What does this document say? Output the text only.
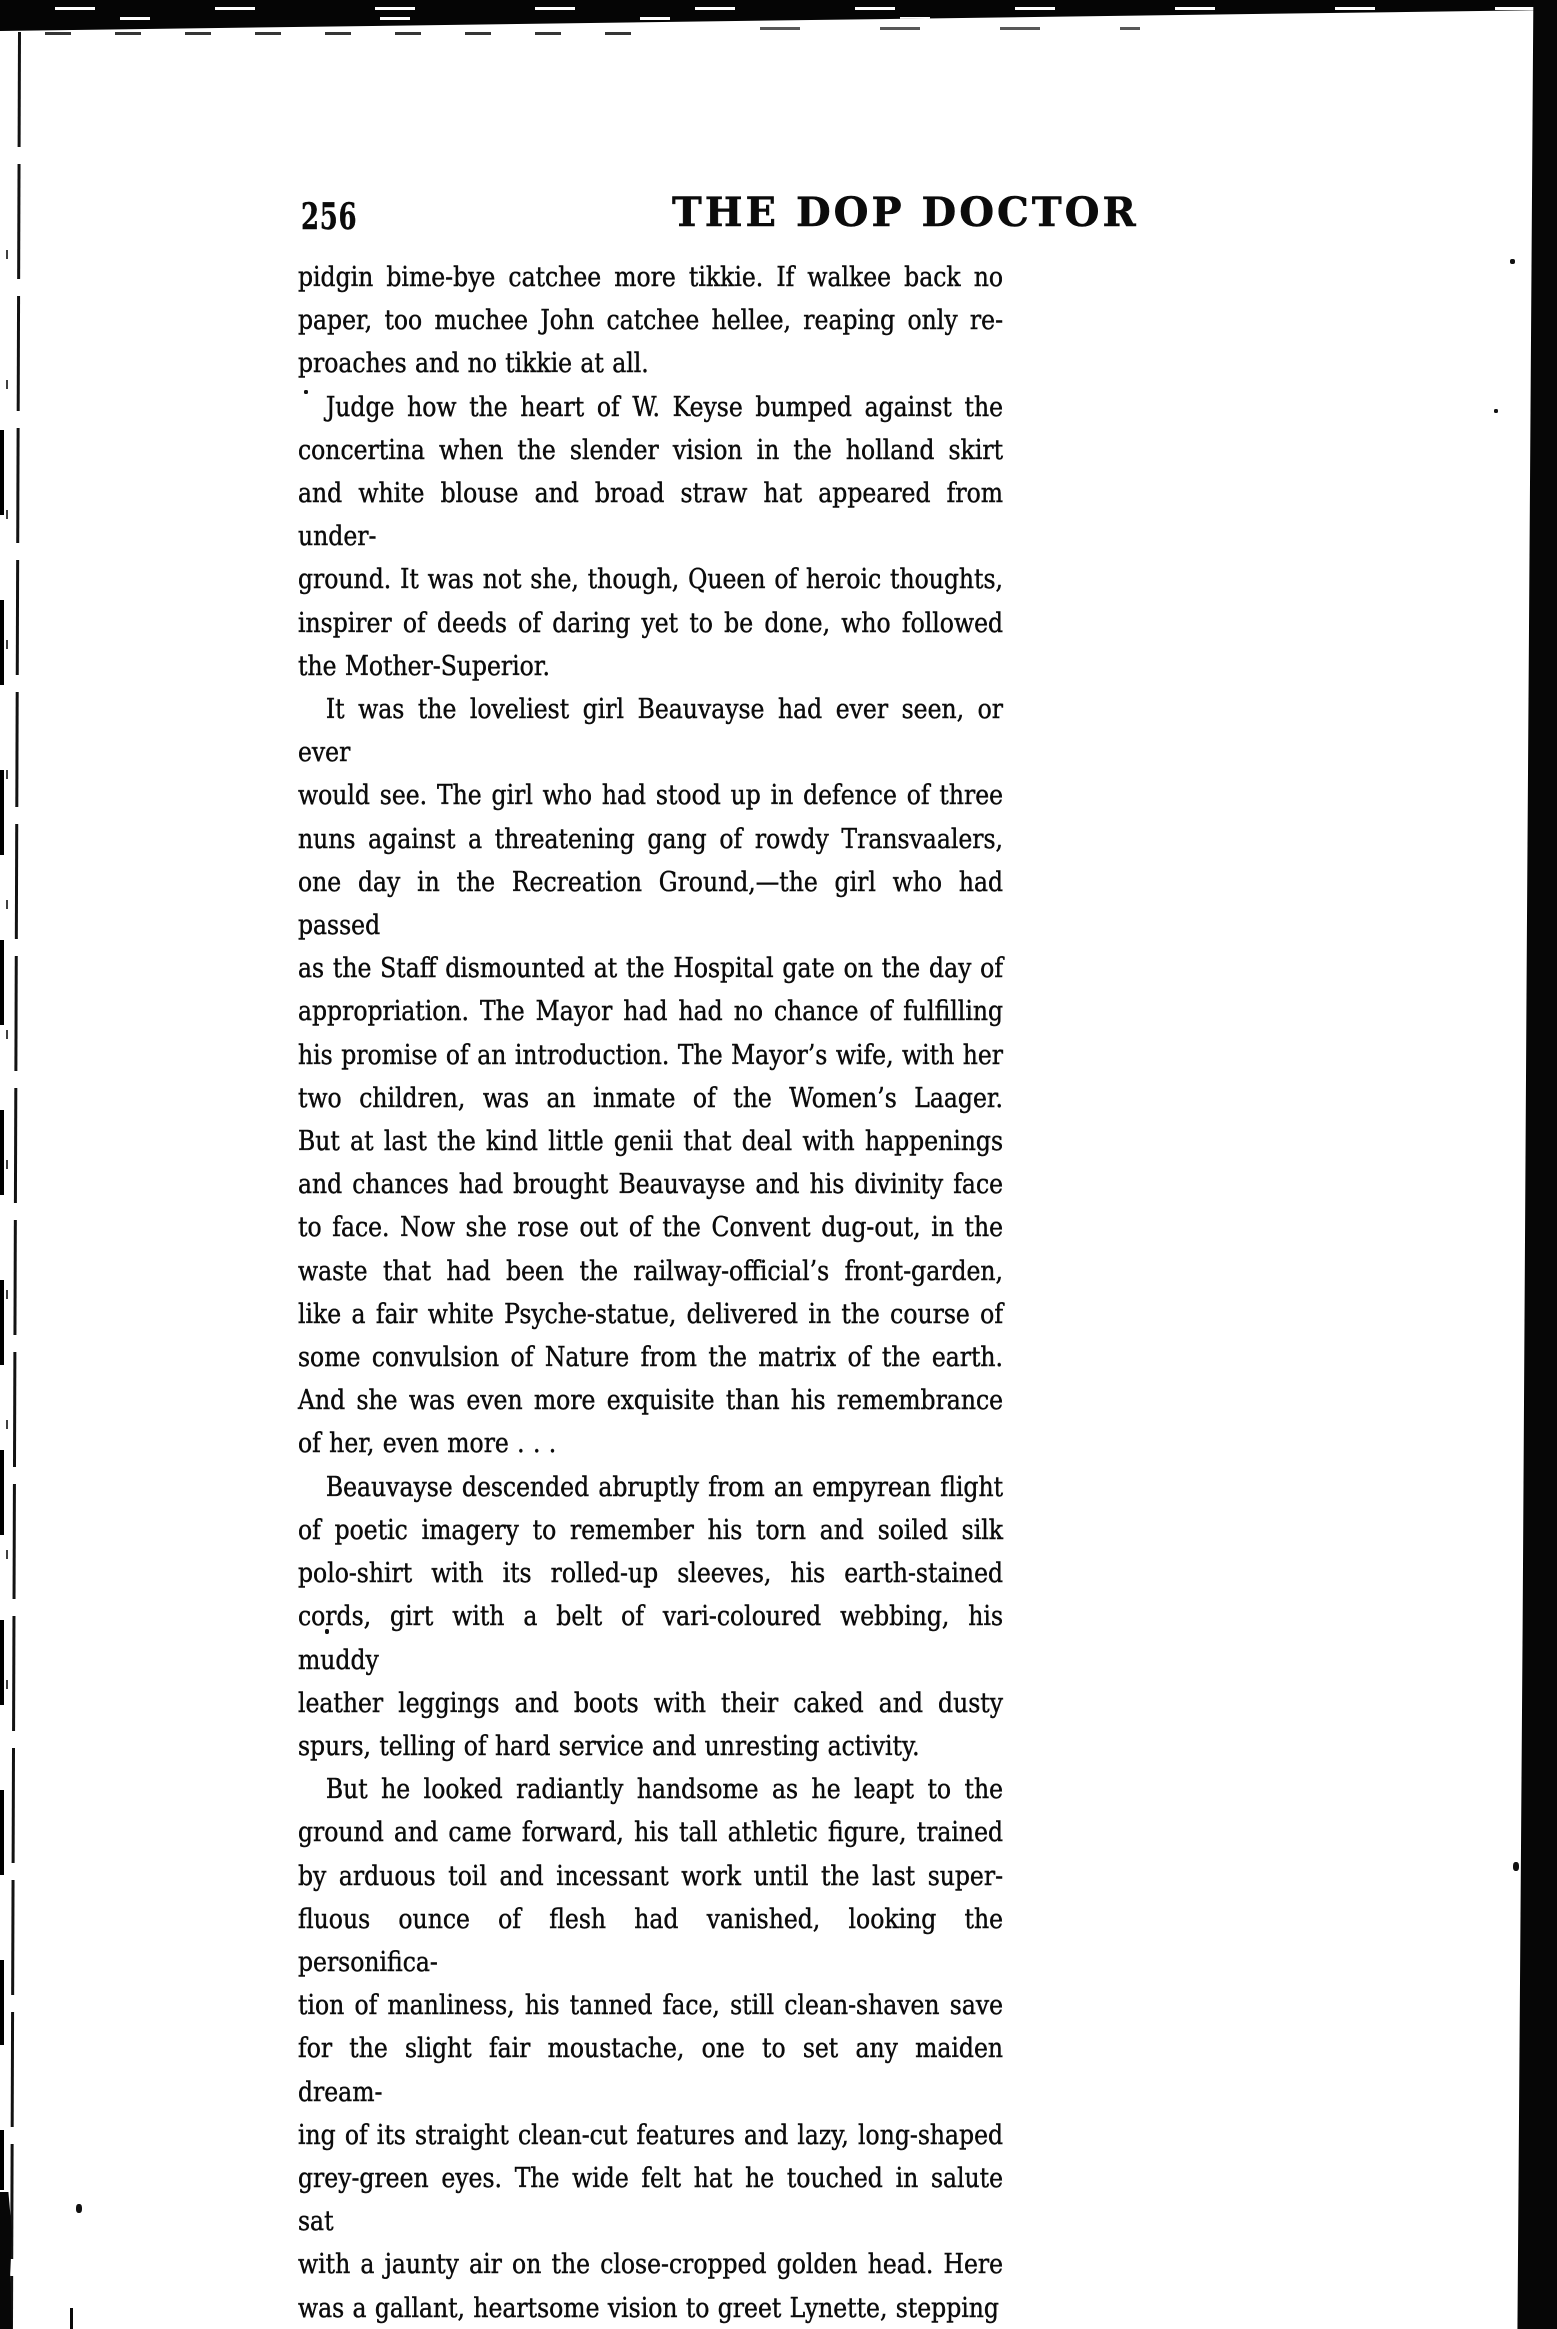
256	THE DOP DOCTOR
pidgin bime-bye catchee more tikkie. If walkee back no
paper, too muchee John catchee hellee, reaping only re-
proaches and no tikkie at all.
Judge how the heart of W. Keyse bumped against the
concertina when the slender vision in the holland skirt
and white blouse and broad straw hat appeared from under-
ground. It was not she, though, Queen of heroic thoughts,
inspirer of deeds of daring yet to be done, who followed
the Mother-Superior.
It was the loveliest girl Beauvayse had ever seen, or ever
would see. The girl who had stood up in defence of three
nuns against a threatening gang of rowdy Transvaalers,
one day in the Recreation Ground,—the girl who had passed
as the Staff dismounted at the Hospital gate on the day of
appropriation. The Mayor had had no chance of fulfilling
his promise of an introduction. The Mayor’s wife, with her
two children, was an inmate of the Women’s Laager.
But at last the kind little genii that deal with happenings
and chances had brought Beauvayse and his divinity face
to face. Now she rose out of the Convent dug-out, in the
waste that had been the railway-official’s front-garden,
like a fair white Psyche-statue, delivered in the course of
some convulsion of Nature from the matrix of the earth.
And she was even more exquisite than his remembrance
of her, even more . . .
Beauvayse descended abruptly from an empyrean flight
of poetic imagery to remember his torn and soiled silk
polo-shirt with its rolled-up sleeves, his earth-stained
cords, girt with a belt of vari-coloured webbing, his muddy
leather leggings and boots with their caked and dusty
spurs, telling of hard service and unresting activity.
But he looked radiantly handsome as he leapt to the
ground and came forward, his tall athletic figure, trained
by arduous toil and incessant work until the last super-
fluous ounce of flesh had vanished, looking the personifica-
tion of manliness, his tanned face, still clean-shaven save
for the slight fair moustache, one to set any maiden dream-
ing of its straight clean-cut features and lazy, long-shaped
grey-green eyes. The wide felt hat he touched in salute sat
with a jaunty air on the close-cropped golden head. Here
was a gallant, heartsome vision to greet Lynette, stepping
